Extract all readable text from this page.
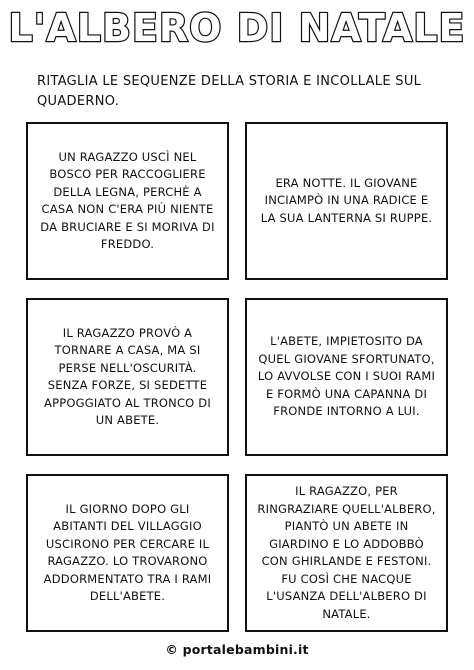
L'ALBERO DI NATALE
RITAGLIA LE SEQUENZE DELLA STORIA E INCOLLALE SUL QUADERNO.
UN RAGAZZO USCÌ NEL BOSCO PER RACCOGLIERE DELLA LEGNA, PERCHÈ A CASA NON C'ERA PIÙ NIENTE DA BRUCIARE E SI MORIVA DI FREDDO.
ERA NOTTE. IL GIOVANE INCIAMPÒ IN UNA RADICE E LA SUA LANTERNA SI RUPPE.
IL RAGAZZO PROVÒ A TORNARE A CASA, MA SI PERSE NELL'OSCURITÀ. SENZA FORZE, SI SEDETTE APPOGGIATO AL TRONCO DI UN ABETE.
L'ABETE, IMPIETOSITO DA QUEL GIOVANE SFORTUNATO, LO AVVOLSE CON I SUOI RAMI E FORMÒ UNA CAPANNA DI FRONDE INTORNO A LUI.
IL GIORNO DOPO GLI ABITANTI DEL VILLAGGIO USCIRONO PER CERCARE IL RAGAZZO. LO TROVARONO ADDORMENTATO TRA I RAMI DELL'ABETE.
IL RAGAZZO, PER RINGRAZIARE QUELL'ALBERO, PIANTÒ UN ABETE IN GIARDINO E LO ADDOBBÒ CON GHIRLANDE E FESTONI. FU COSÌ CHE NACQUE L'USANZA DELL'ALBERO DI NATALE.
© portalebambini.it
